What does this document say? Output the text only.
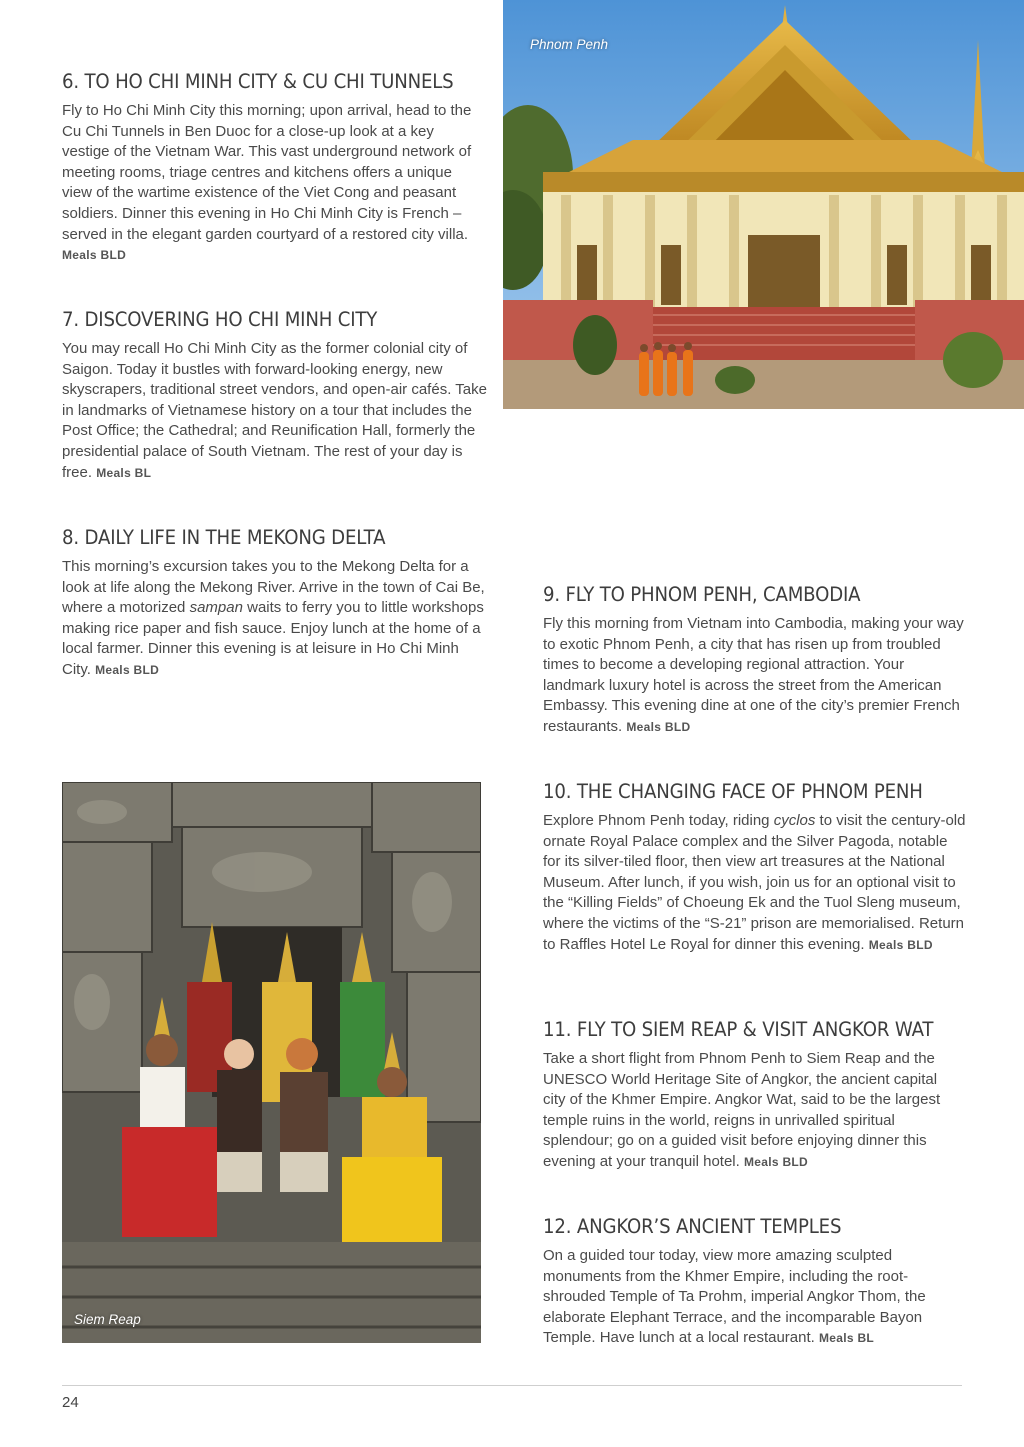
Phnom Penh
6. TO HO CHI MINH CITY & CU CHI TUNNELS

Fly to Ho Chi Minh City this morning; upon arrival, head to the Cu Chi Tunnels in Ben Duoc for a close-up look at a key vestige of the Vietnam War. This vast underground network of meeting rooms, triage centres and kitchens offers a unique view of the wartime existence of the Viet Cong and peasant soldiers. Dinner this evening in Ho Chi Minh City is French – served in the elegant garden courtyard of a restored city villa. Meals BLD

7. DISCOVERING HO CHI MINH CITY

You may recall Ho Chi Minh City as the former colonial city of Saigon. Today it bustles with forward-looking energy, new skyscrapers, traditional street vendors, and open-air cafés. Take in landmarks of Vietnamese history on a tour that includes the Post Office; the Cathedral; and Reunification Hall, formerly the presidential palace of South Vietnam. The rest of your day is free. Meals BL

8. DAILY LIFE IN THE MEKONG DELTA

This morning’s excursion takes you to the Mekong Delta for a look at life along the Mekong River. Arrive in the town of Cai Be, where a motorized sampan waits to ferry you to little workshops making rice paper and fish sauce. Enjoy lunch at the home of a local farmer. Dinner this evening is at leisure in Ho Chi Minh City. Meals BLD

9. FLY TO PHNOM PENH, CAMBODIA

Fly this morning from Vietnam into Cambodia, making your way to exotic Phnom Penh, a city that has risen up from troubled times to become a developing regional attraction. Your landmark luxury hotel is across the street from the American Embassy. This evening dine at one of the city’s premier French restaurants. Meals BLD

Siem Reap
10. THE CHANGING FACE OF PHNOM PENH

Explore Phnom Penh today, riding cyclos to visit the century-old ornate Royal Palace complex and the Silver Pagoda, notable for its silver-tiled floor, then view art treasures at the National Museum. After lunch, if you wish, join us for an optional visit to the “Killing Fields” of Choeung Ek and the Tuol Sleng museum, where the victims of the “S-21” prison are memorialised. Return to Raffles Hotel Le Royal for dinner this evening. Meals BLD

11. FLY TO SIEM REAP & VISIT ANGKOR WAT

Take a short flight from Phnom Penh to Siem Reap and the UNESCO World Heritage Site of Angkor, the ancient capital city of the Khmer Empire. Angkor Wat, said to be the largest temple ruins in the world, reigns in unrivalled spiritual splendour; go on a guided visit before enjoying dinner this evening at your tranquil hotel. Meals BLD

12. ANGKOR’S ANCIENT TEMPLES

On a guided tour today, view more amazing sculpted monuments from the Khmer Empire, including the root-shrouded Temple of Ta Prohm, imperial Angkor Thom, the elaborate Elephant Terrace, and the incomparable Bayon Temple. Have lunch at a local restaurant. Meals BL

24
